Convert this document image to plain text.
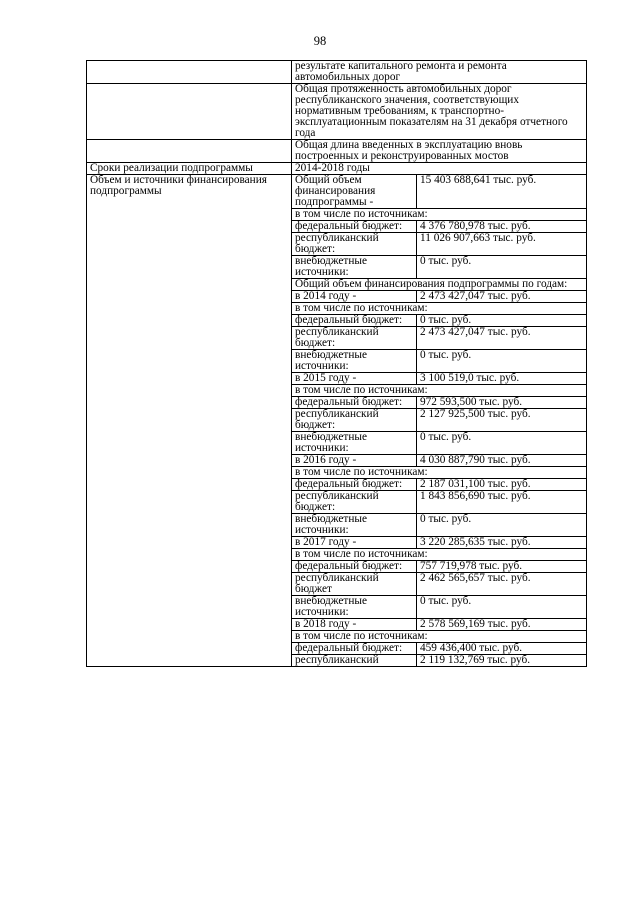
98
	результате капитального ремонта и ремонта автомобильных дорог	
	Общая протяженность автомобильных дорог республиканского значения, соответствующих нормативным требованиям, к транспортно-эксплуатационным показателям на 31 декабря отчетного года	
	Общая длина введенных в эксплуатацию вновь построенных и реконструированных мостов	
Сроки реализации подпрограммы	2014-2018 годы	
Объем и источники финансирования подпрограммы	Общий объем финансирования подпрограммы -	15 403 688,641 тыс. руб.
	в том числе по источникам:	
	федеральный бюджет:	4 376 780,978 тыс. руб.
	республиканский бюджет:	11 026 907,663 тыс. руб.
	внебюджетные источники:	0 тыс. руб.
	Общий объем финансирования подпрограммы по годам:	
	в 2014 году -	2 473 427,047 тыс. руб.
	в том числе по источникам:	
	федеральный бюджет:	0 тыс. руб.
	республиканский бюджет:	2 473 427,047 тыс. руб.
	внебюджетные источники:	0 тыс. руб.
	в 2015 году -	3 100 519,0 тыс. руб.
	в том числе по источникам:	
	федеральный бюджет:	972 593,500 тыс. руб.
	республиканский бюджет:	2 127 925,500 тыс. руб.
	внебюджетные источники:	0 тыс. руб.
	в 2016 году -	4 030 887,790 тыс. руб.
	в том числе по источникам:	
	федеральный бюджет:	2 187 031,100 тыс. руб.
	республиканский бюджет:	1 843 856,690 тыс. руб.
	внебюджетные источники:	0 тыс. руб.
	в 2017 году -	3 220 285,635 тыс. руб.
	в том числе по источникам:	
	федеральный бюджет:	757 719,978 тыс. руб.
	республиканский бюджет	2 462 565,657 тыс. руб.
	внебюджетные источники:	0 тыс. руб.
	в 2018 году -	2 578 569,169 тыс. руб.
	в том числе по источникам:	
	федеральный бюджет:	459 436,400 тыс. руб.
	республиканский	2 119 132,769 тыс. руб.
